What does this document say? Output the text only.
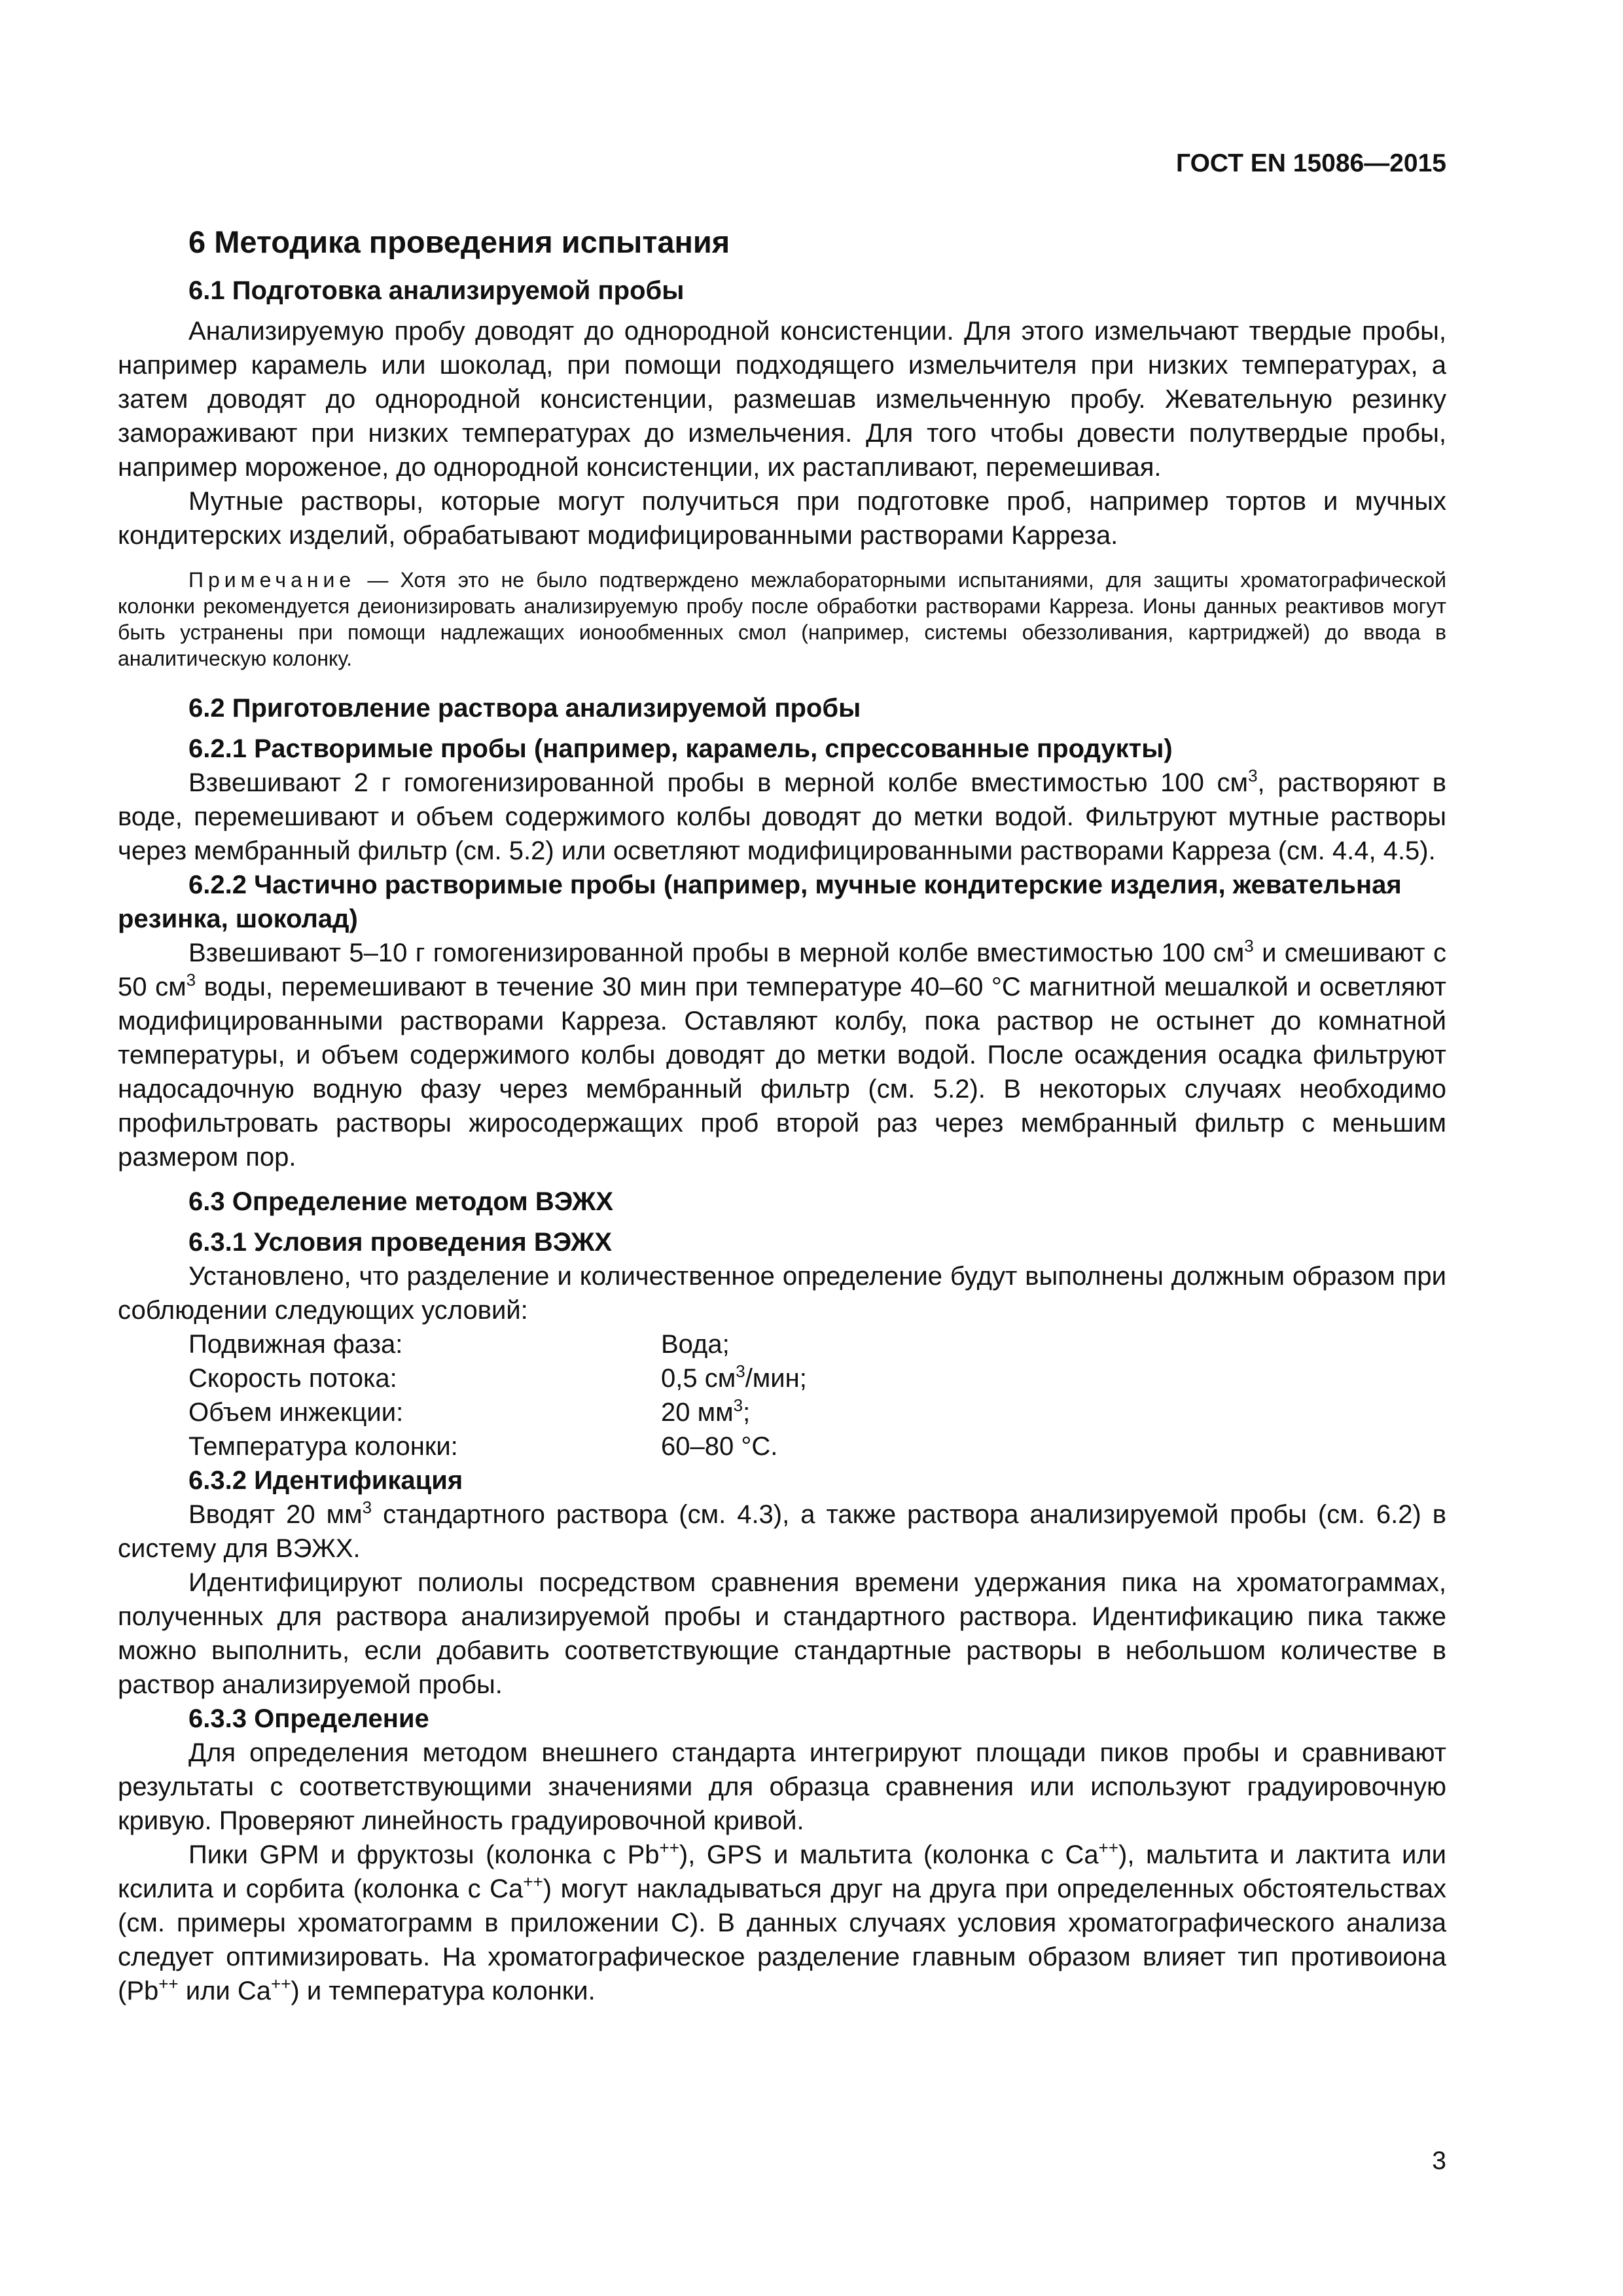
ГОСТ EN 15086—2015
6 Методика проведения испытания
6.1 Подготовка анализируемой пробы

Анализируемую пробу доводят до однородной консистенции. Для этого измельчают твердые пробы, например карамель или шоколад, при помощи подходящего измельчителя при низких температурах, а затем доводят до однородной консистенции, размешав измельченную пробу. Жевательную резинку замораживают при низких температурах до измельчения. Для того чтобы довести полутвердые пробы, например мороженое, до однородной консистенции, их растапливают, перемешивая.

Мутные растворы, которые могут получиться при подготовке проб, например тортов и мучных кондитерских изделий, обрабатывают модифицированными растворами Карреза.

Примечание — Хотя это не было подтверждено межлабораторными испытаниями, для защиты хроматографической колонки рекомендуется деионизировать анализируемую пробу после обработки растворами Карреза. Ионы данных реактивов могут быть устранены при помощи надлежащих ионообменных смол (например, системы обеззоливания, картриджей) до ввода в аналитическую колонку.
6.2 Приготовление раствора анализируемой пробы
6.2.1 Растворимые пробы (например, карамель, спрессованные продукты)

Взвешивают 2 г гомогенизированной пробы в мерной колбе вместимостью 100 $см^3$, растворяют в воде, перемешивают и объем содержимого колбы доводят до метки водой. Фильтруют мутные растворы через мембранный фильтр (см. 5.2) или осветляют модифицированными растворами Карреза (см. 4.4, 4.5).

6.2.2 Частично растворимые пробы (например, мучные кондитерские изделия, жевательная резинка, шоколад)

Взвешивают 5–10 г гомогенизированной пробы в мерной колбе вместимостью 100 $см^3$ и смешивают с 50 $см^3$ воды, перемешивают в течение 30 мин при температуре 40–60 °С магнитной мешалкой и осветляют модифицированными растворами Карреза. Оставляют колбу, пока раствор не остынет до комнатной температуры, и объем содержимого колбы доводят до метки водой. После осаждения осадка фильтруют надосадочную водную фазу через мембранный фильтр (см. 5.2). В некоторых случаях необходимо профильтровать растворы жиросодержащих проб второй раз через мембранный фильтр с меньшим размером пор.

6.3 Определение методом ВЭЖХ
6.3.1 Условия проведения ВЭЖХ

Установлено, что разделение и количественное определение будут выполнены должным образом при соблюдении следующих условий:

Подвижная фаза:	Вода;
Скорость потока:	0,5 $см^3$/мин;
Объем инжекции:	20 $мм^3$;
Температура колонки:	60–80 °С.
6.3.2 Идентификация

Вводят 20 $мм^3$ стандартного раствора (см. 4.3), а также раствора анализируемой пробы (см. 6.2) в систему для ВЭЖХ.

Идентифицируют полиолы посредством сравнения времени удержания пика на хроматограммах, полученных для раствора анализируемой пробы и стандартного раствора. Идентификацию пика также можно выполнить, если добавить соответствующие стандартные растворы в небольшом количестве в раствор анализируемой пробы.

6.3.3 Определение

Для определения методом внешнего стандарта интегрируют площади пиков пробы и сравнивают результаты с соответствующими значениями для образца сравнения или используют градуировочную кривую. Проверяют линейность градуировочной кривой.

Пики GPM и фруктозы (колонка с Pb++), GPS и мальтита (колонка с Ca++), мальтита и лактита или ксилита и сорбита (колонка с Ca++) могут накладываться друг на друга при определенных обстоятельствах (см. примеры хроматограмм в приложении С). В данных случаях условия хроматографического анализа следует оптимизировать. На хроматографическое разделение главным образом влияет тип противоиона (Pb++ или Ca++) и температура колонки.

3
